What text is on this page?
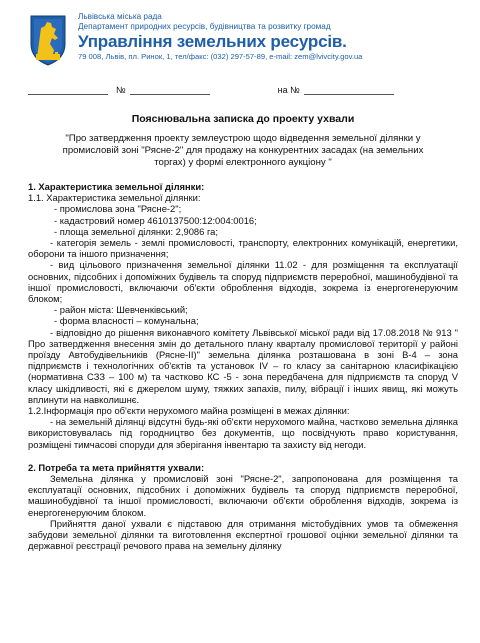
Львівська міська рада
Департамент природних ресурсів, будівництва та розвитку громад
Управління земельних ресурсів.
79 008, Львів, пл. Ринок, 1, тел/факс: (032) 297-57-89, e-mail: zem@lvivcity.gov.ua
№	на №
Пояснювальна записка до проекту ухвали
"Про затвердження проекту землеустрою щодо відведення земельної ділянки у промисловій зоні "Рясне-2" для продажу на конкурентних засадах (на земельних торгах) у формі електронного аукціону "
1. Характеристика земельної ділянки:
1.1. Характеристика земельної ділянки:
- промислова зона "Рясне-2";
- кадастровий номер 4610137500:12:004:0016;
- площа земельної ділянки: 2,9086 га;
- категорія земель - землі промисловості, транспорту, електронних комунікацій, енергетики, оборони та іншого призначення;
- вид цільового призначення земельної ділянки 11.02 - для розміщення та експлуатації основних, підсобних і допоміжних будівель та споруд підприємств переробної, машинобудівної та іншої промисловості, включаючи об'єкти оброблення відходів, зокрема із енергогенеруючим блоком;
- район міста: Шевченківський;
- форма власності – комунальна;
- відповідно до рішення виконавчого комітету Львівської міської ради від 17.08.2018 № 913 " Про затвердження внесення змін до детального плану кварталу промислової території у районі проїзду Автобудівельників (Рясне-ІІ)" земельна ділянка розташована в зоні В-4 – зона підприємств і технологічних об'єктів та установок IV – го класу за санітарною класифікацією (нормативна СЗЗ – 100 м) та частково КС -5 - зона передбачена для підприємств та споруд V класу шкідливості, які є джерелом шуму, тяжких запахів, пилу, вібрації і інших явищ, які можуть вплинути на навколишнє.
1.2.Інформація про об'єкти нерухомого майна розміщені в межах ділянки:
- на земельній ділянці відсутні будь-які об'єкти нерухомого майна, частково земельна ділянка використовувалась під городництво без документів, що посвідчують право користування, розміщені тимчасові споруди для зберігання інвентарю та захисту від негоди.
2. Потреба та мета прийняття ухвали:
Земельна ділянка у промисловій зоні "Рясне-2", запропонована для розміщення та експлуатації основних, підсобних і допоміжних будівель та споруд підприємств переробної, машинобудівної та іншої промисловості, включаючи об'єкти оброблення відходів, зокрема із енергогенеруючим блоком.
Прийняття даної ухвали є підставою для отримання містобудівних умов та обмеження забудови земельної ділянки та виготовлення експертної грошової оцінки земельної ділянки та державної реєстрації речового права на земельну ділянку
